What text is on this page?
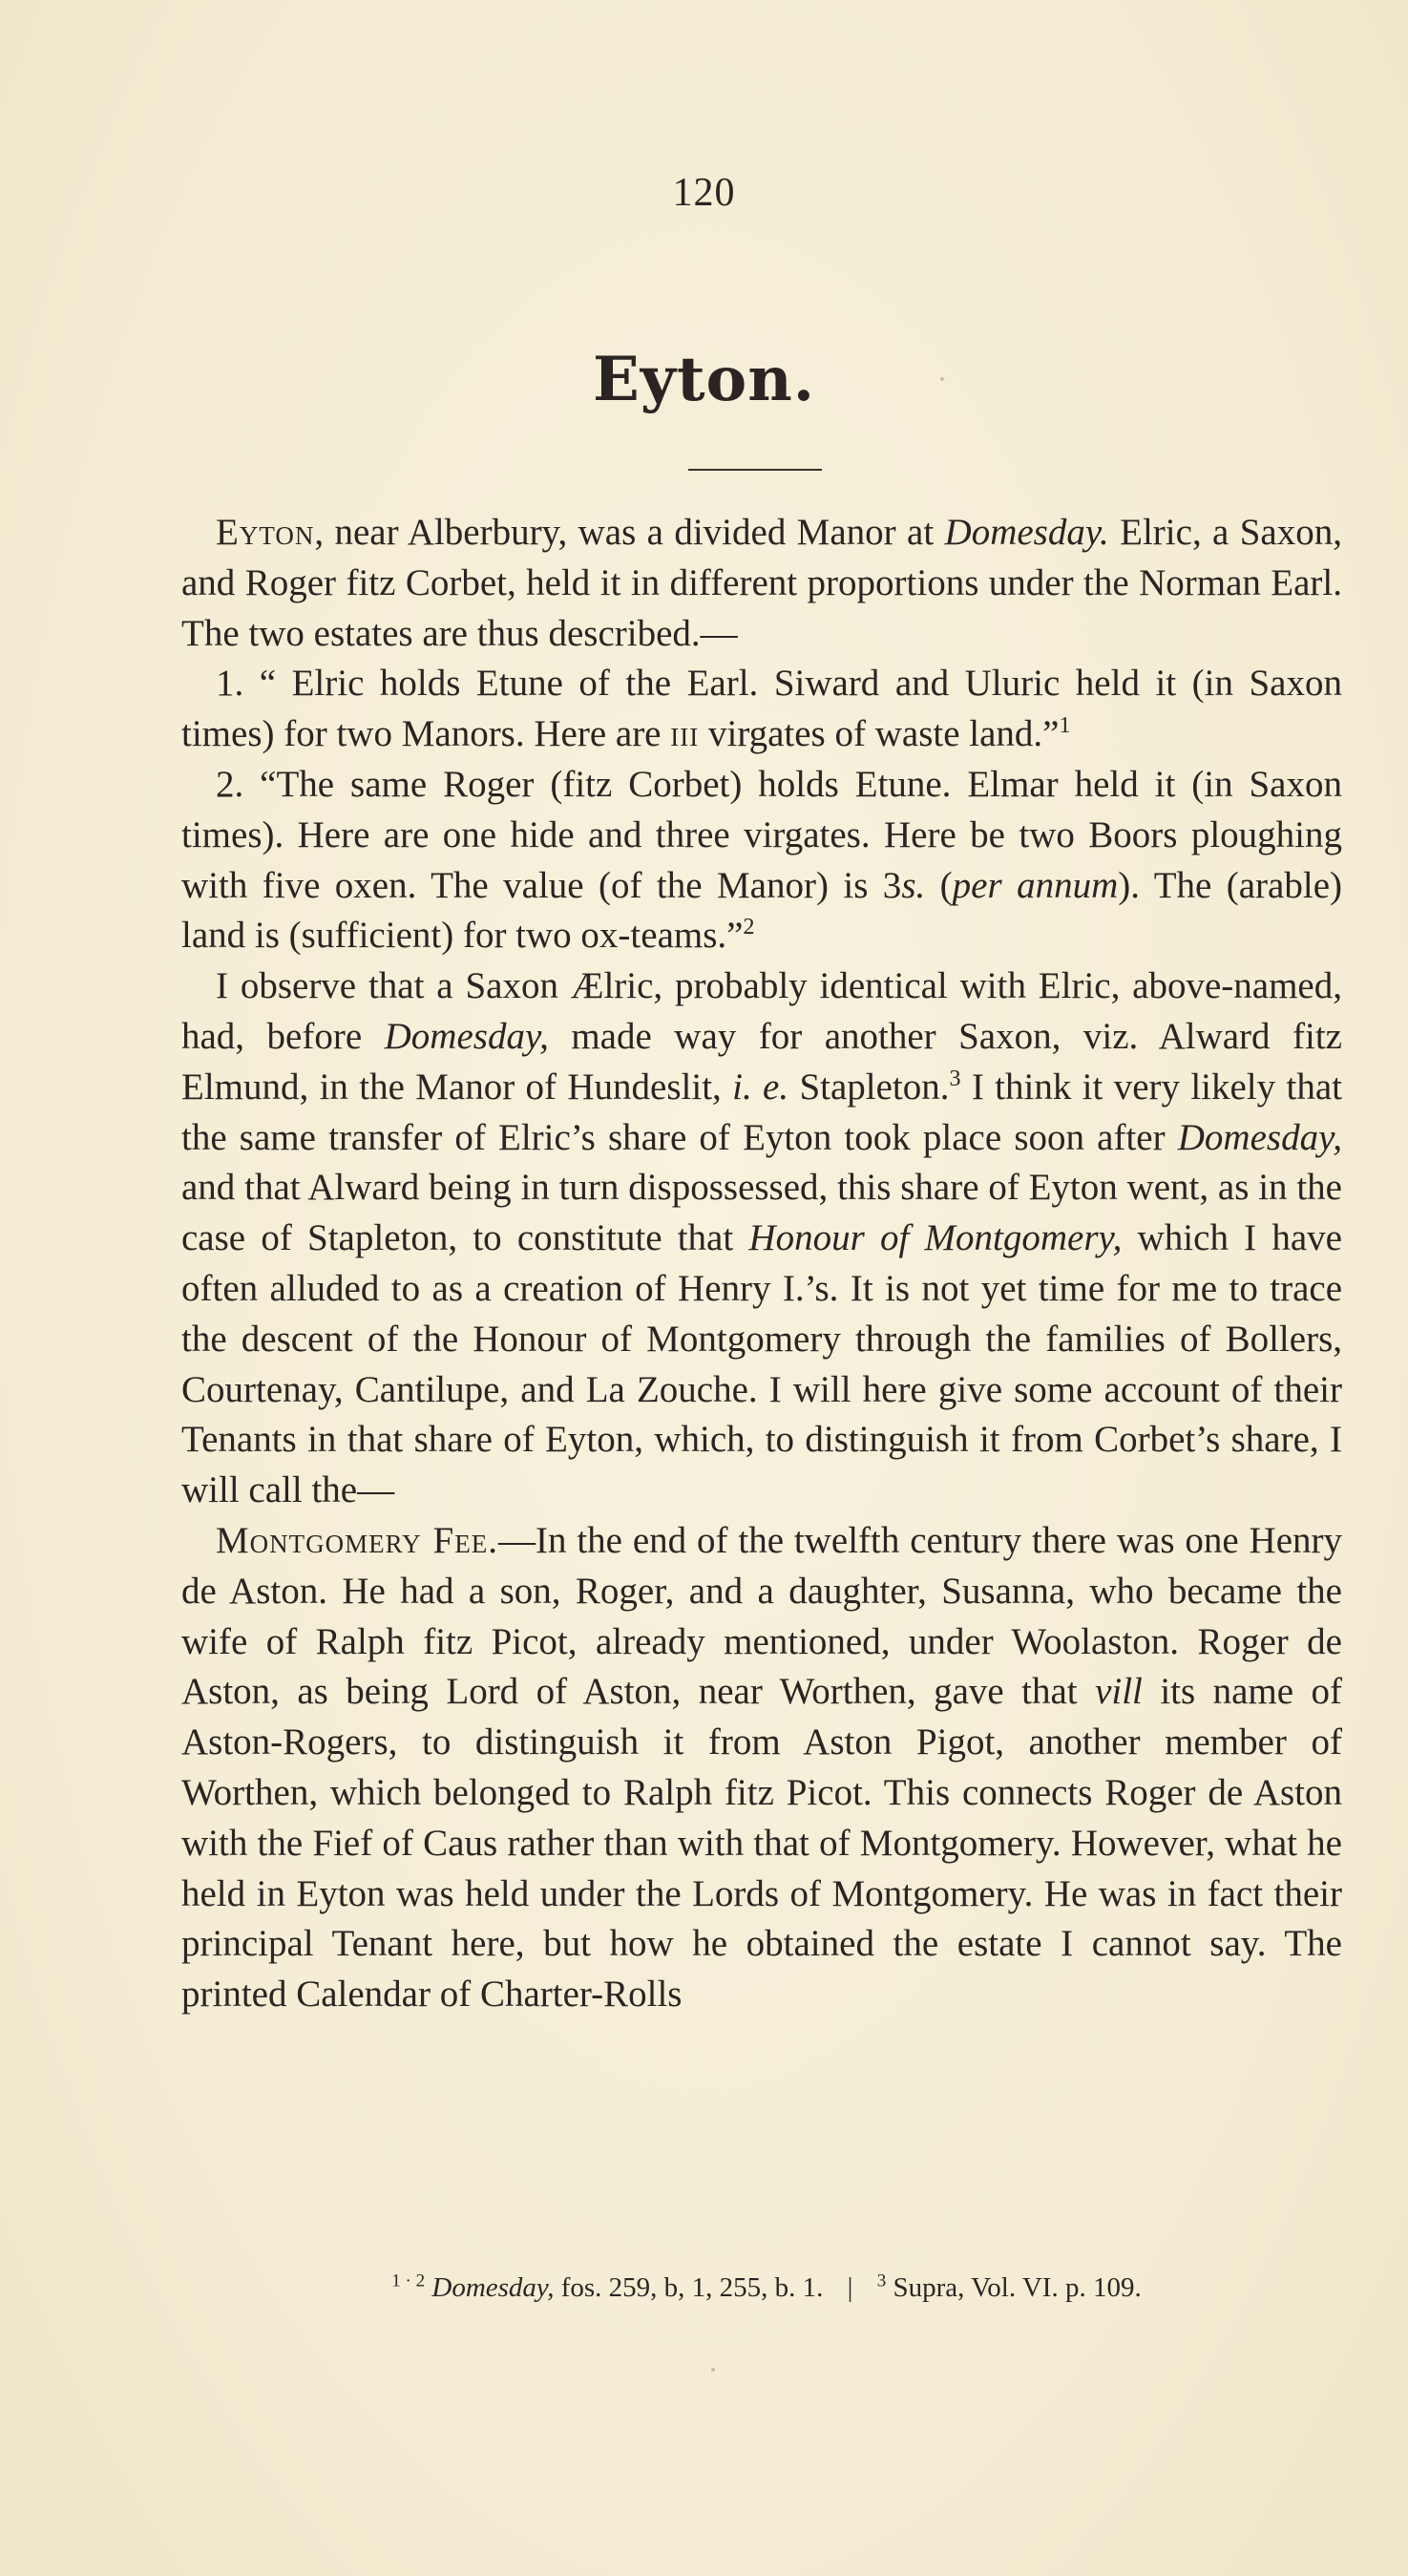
120
Eyton.

Eyton, near Alberbury, was a divided Manor at Domesday. Elric, a Saxon, and Roger fitz Corbet, held it in different proportions under the Norman Earl. The two estates are thus described.—

1. “ Elric holds Etune of the Earl. Siward and Uluric held it (in Saxon times) for two Manors. Here are iii virgates of waste land.”$^1$

2. “The same Roger (fitz Corbet) holds Etune. Elmar held it (in Saxon times). Here are one hide and three virgates. Here be two Boors ploughing with five oxen. The value (of the Manor) is 3s. (per annum). The (arable) land is (sufficient) for two ox-teams.”$^2$

I observe that a Saxon Ælric, probably identical with Elric, above-named, had, before Domesday, made way for another Saxon, viz. Alward fitz Elmund, in the Manor of Hundeslit, i. e. Stapleton.$^3$ I think it very likely that the same transfer of Elric’s share of Eyton took place soon after Domesday, and that Alward being in turn dispossessed, this share of Eyton went, as in the case of Stapleton, to constitute that Honour of Montgomery, which I have often alluded to as a creation of Henry I.’s. It is not yet time for me to trace the descent of the Honour of Montgomery through the families of Bollers, Courtenay, Cantilupe, and La Zouche. I will here give some account of their Tenants in that share of Eyton, which, to distinguish it from Corbet’s share, I will call the—

Montgomery Fee.—In the end of the twelfth century there was one Henry de Aston. He had a son, Roger, and a daughter, Susanna, who became the wife of Ralph fitz Picot, already mentioned, under Woolaston. Roger de Aston, as being Lord of Aston, near Worthen, gave that vill its name of Aston-Rogers, to distinguish it from Aston Pigot, another member of Worthen, which belonged to Ralph fitz Picot. This connects Roger de Aston with the Fief of Caus rather than with that of Montgomery. However, what he held in Eyton was held under the Lords of Montgomery. He was in fact their principal Tenant here, but how he obtained the estate I cannot say. The printed Calendar of Charter-Rolls

$^{1 \cdot 2}$ Domesday, fos. 259, b, 1, 255, b. 1. | $^3$ Supra, Vol. VI. p. 109.
